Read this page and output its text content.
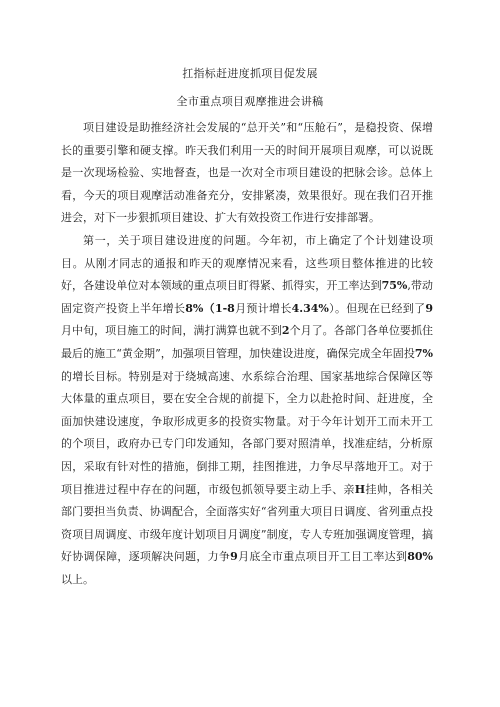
扛指标赶进度抓项目促发展
全市重点项目观摩推进会讲稿

项目建设是助推经济社会发展的“总开关”和“压舱石”，是稳投资、保增长的重要引擎和硬支撑。昨天我们利用一天的时间开展项目观摩，可以说既是一次现场检验、实地督查，也是一次对全市项目建设的把脉会诊。总体上看，今天的项目观摩活动准备充分，安排紧凑，效果很好。现在我们召开推进会，对下一步狠抓项目建设、扩大有效投资工作进行安排部署。

第一，关于项目建设进度的问题。今年初，市上确定了个计划建设项目。从刚才同志的通报和昨天的观摩情况来看，这些项目整体推进的比较好，各建设单位对本领域的重点项目盯得紧、抓得实，开工率达到75%,带动固定资产投资上半年增长8%（1-8月预计增长4.34%）。但现在已经到了9月中旬，项目施工的时间，满打满算也就不到2个月了。各部门各单位要抓住最后的施工“黄金期”，加强项目管理，加快建设进度，确保完成全年固投7%的增长目标。特别是对于绕城高速、水系综合治理、国家基地综合保障区等大体量的重点项目，要在安全合规的前提下，全力以赴抢时间、赶进度，全面加快建设速度，争取形成更多的投资实物量。对于今年计划开工而未开工的个项目，政府办已专门印发通知，各部门要对照清单，找准症结，分析原因，采取有针对性的措施，倒排工期，挂图推进，力争尽早落地开工。对于项目推进过程中存在的问题，市级包抓领导要主动上手、亲H挂帅，各相关部门要担当负责、协调配合，全面落实好“省列重大项目日调度、省列重点投资项目周调度、市级年度计划项目月调度”制度，专人专班加强调度管理，搞好协调保障，逐项解决问题，力争9月底全市重点项目开工目工率达到80%以上。
